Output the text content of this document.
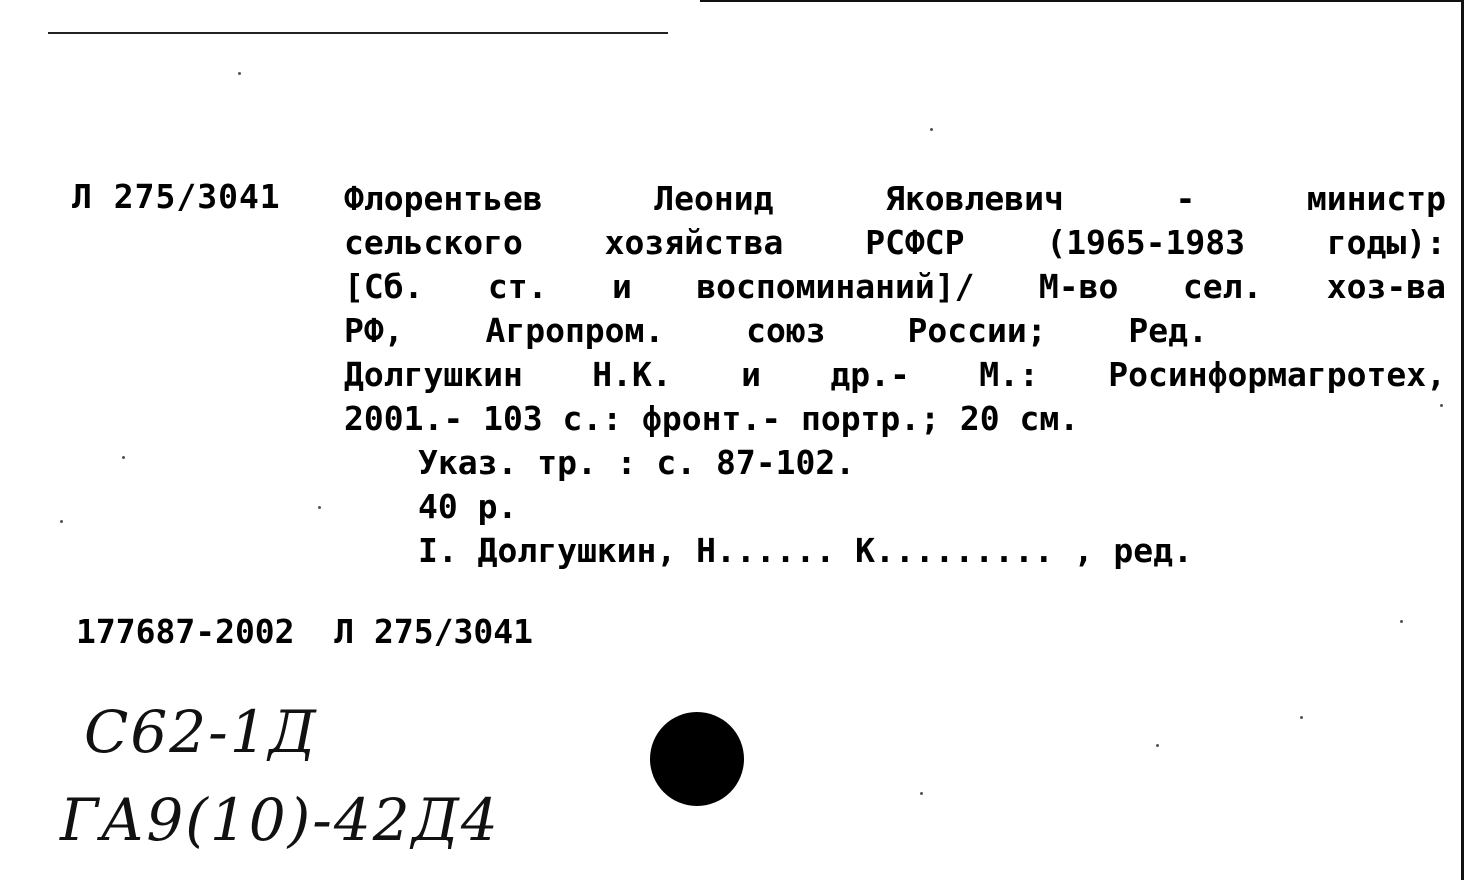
Л 275/3041 Флорентьев Леонид Яковлевич - министр
сельского хозяйства РСФСР (1965-1983 годы):
[Сб. ст. и воспоминаний]/ М-во сел. хоз-ва
РФ, Агропром. союз России; Ред.
Долгушкин Н.К. и др.- М.: Росинформагротех,
2001.- 103 с.: фронт.- портр.; 20 см.
Указ. тр. : с. 87-102.
40 р.
I. Долгушкин, Н...... К......... , ред.
177687-2002  Л 275/3041
С62-1Д
ГА9(10)-42Д4
